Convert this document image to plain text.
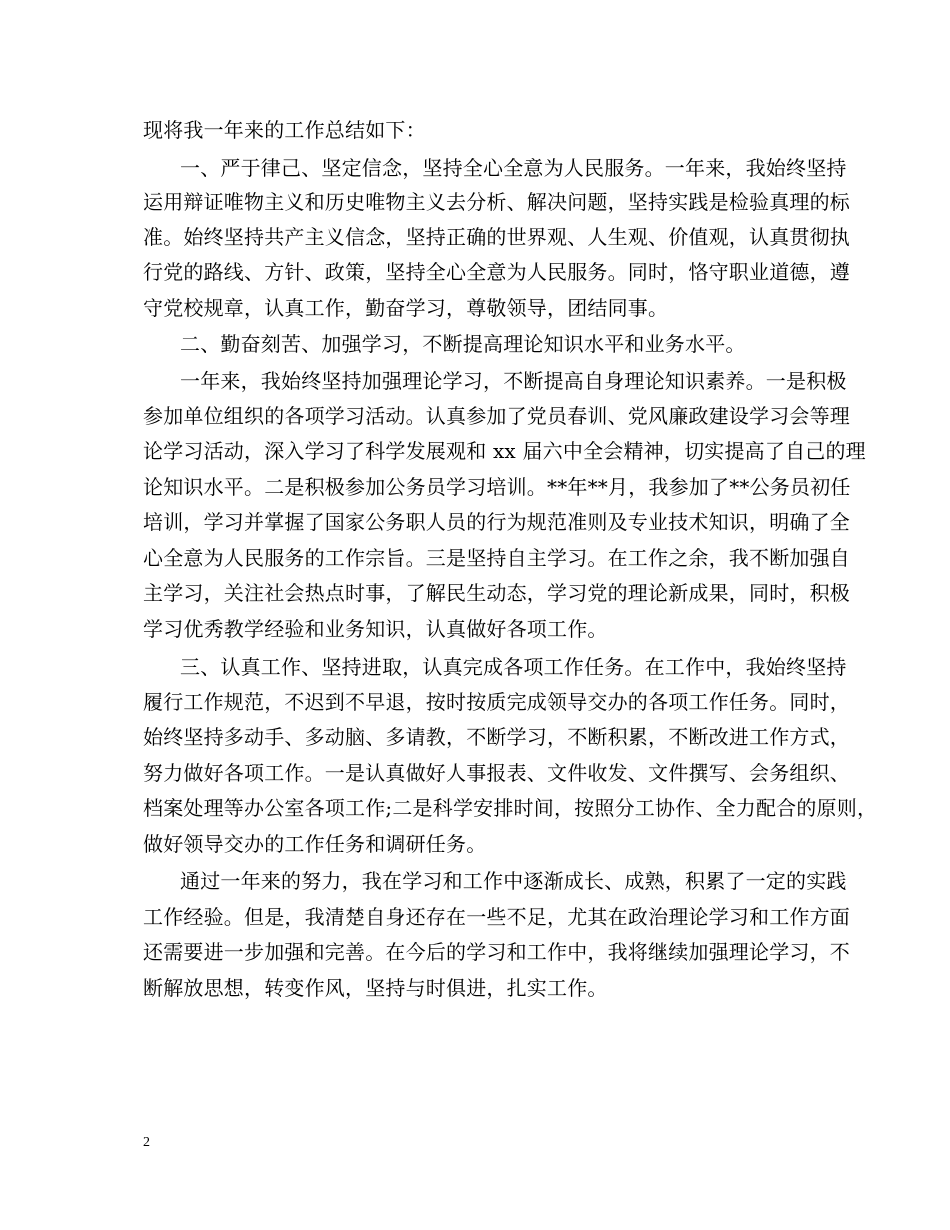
现将我一年来的工作总结如下：
一、严于律己、坚定信念，坚持全心全意为人民服务。一年来，我始终坚持
运用辩证唯物主义和历史唯物主义去分析、解决问题，坚持实践是检验真理的标
准。始终坚持共产主义信念，坚持正确的世界观、人生观、价值观，认真贯彻执
行党的路线、方针、政策，坚持全心全意为人民服务。同时，恪守职业道德，遵
守党校规章，认真工作，勤奋学习，尊敬领导，团结同事。
二、勤奋刻苦、加强学习，不断提高理论知识水平和业务水平。
一年来，我始终坚持加强理论学习，不断提高自身理论知识素养。一是积极
参加单位组织的各项学习活动。认真参加了党员春训、党风廉政建设学习会等理
论学习活动，深入学习了科学发展观和 xx 届六中全会精神，切实提高了自己的理
论知识水平。二是积极参加公务员学习培训。**年**月，我参加了**公务员初任
培训，学习并掌握了国家公务职人员的行为规范准则及专业技术知识，明确了全
心全意为人民服务的工作宗旨。三是坚持自主学习。在工作之余，我不断加强自
主学习，关注社会热点时事，了解民生动态，学习党的理论新成果，同时，积极
学习优秀教学经验和业务知识，认真做好各项工作。
三、认真工作、坚持进取，认真完成各项工作任务。在工作中，我始终坚持
履行工作规范，不迟到不早退，按时按质完成领导交办的各项工作任务。同时，
始终坚持多动手、多动脑、多请教，不断学习，不断积累，不断改进工作方式，
努力做好各项工作。一是认真做好人事报表、文件收发、文件撰写、会务组织、
档案处理等办公室各项工作;二是科学安排时间，按照分工协作、全力配合的原则，
做好领导交办的工作任务和调研任务。
通过一年来的努力，我在学习和工作中逐渐成长、成熟，积累了一定的实践
工作经验。但是，我清楚自身还存在一些不足，尤其在政治理论学习和工作方面
还需要进一步加强和完善。在今后的学习和工作中，我将继续加强理论学习，不
断解放思想，转变作风，坚持与时俱进，扎实工作。
2
